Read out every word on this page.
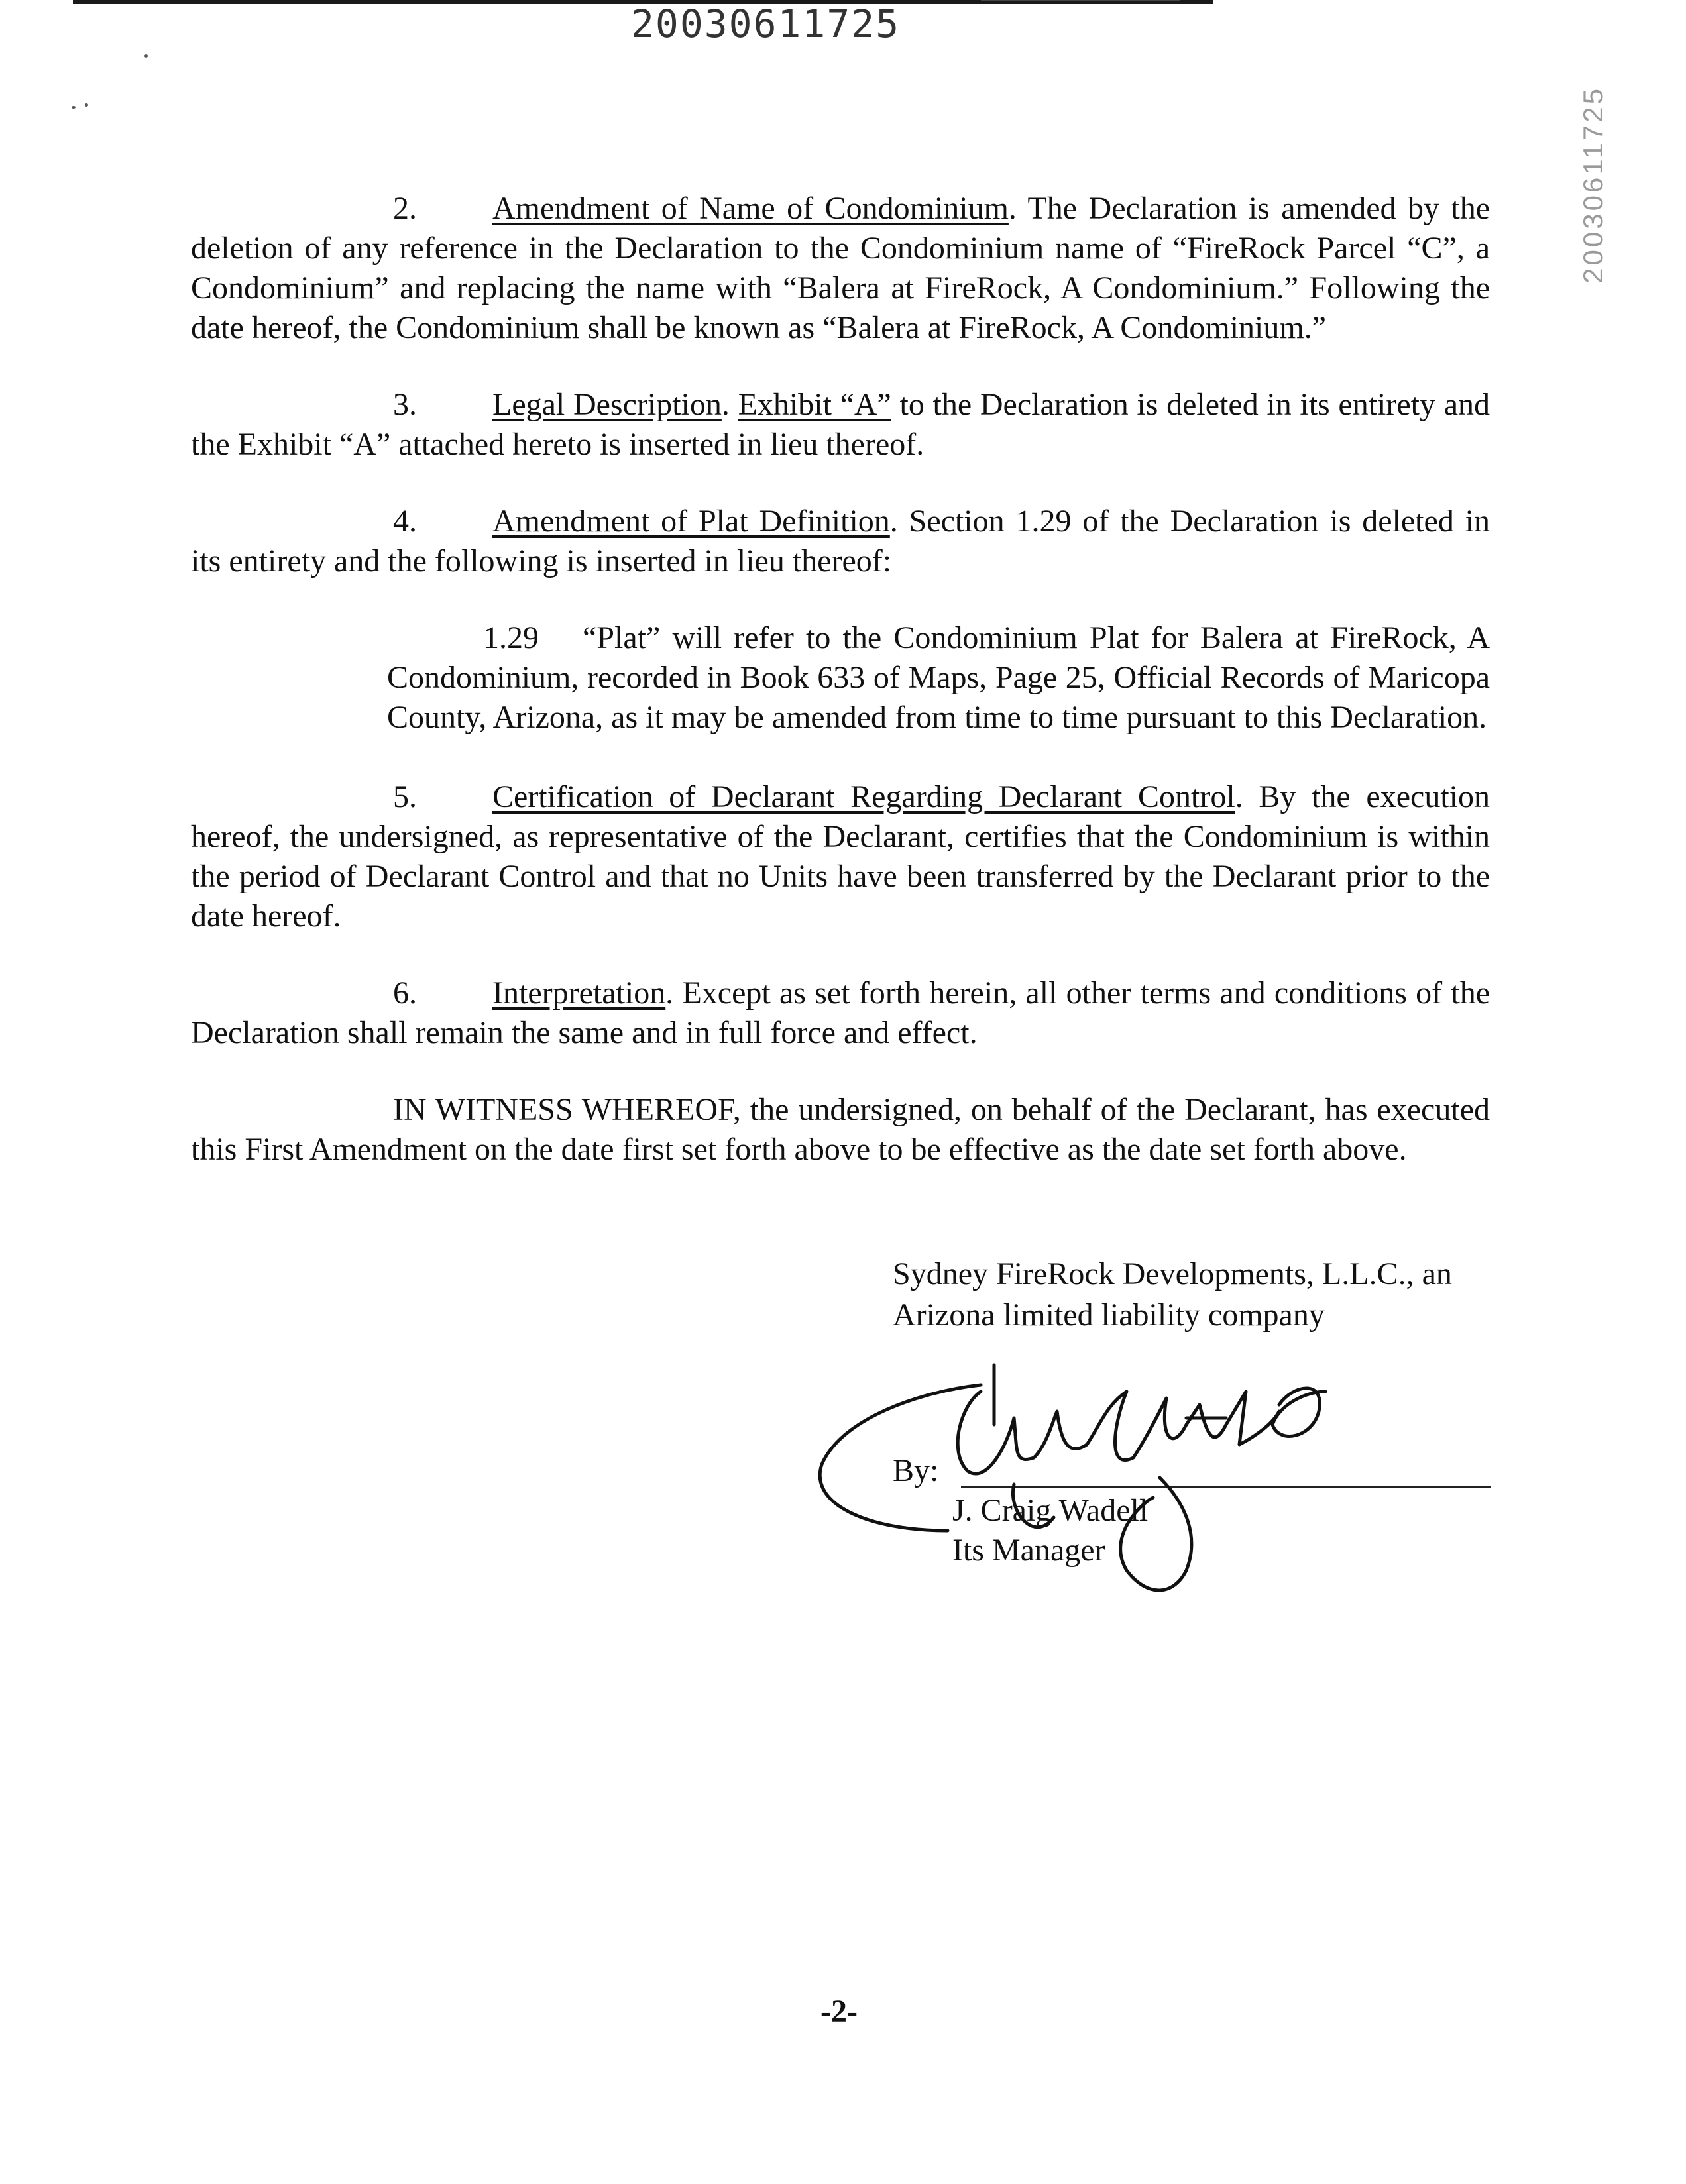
20030611725
20030611725

2. Amendment of Name of Condominium. The Declaration is amended by the deletion of any reference in the Declaration to the Condominium name of “FireRock Parcel “C”, a Condominium” and replacing the name with “Balera at FireRock, A Condominium.” Following the date hereof, the Condominium shall be known as “Balera at FireRock, A Condominium.”

3. Legal Description. Exhibit “A” to the Declaration is deleted in its entirety and the Exhibit “A” attached hereto is inserted in lieu thereof.

4. Amendment of Plat Definition. Section 1.29 of the Declaration is deleted in its entirety and the following is inserted in lieu thereof:

1.29 “Plat” will refer to the Condominium Plat for Balera at FireRock, A Condominium, recorded in Book 633 of Maps, Page 25, Official Records of Maricopa County, Arizona, as it may be amended from time to time pursuant to this Declaration.

5. Certification of Declarant Regarding Declarant Control. By the execution hereof, the undersigned, as representative of the Declarant, certifies that the Condominium is within the period of Declarant Control and that no Units have been transferred by the Declarant prior to the date hereof.

6. Interpretation. Except as set forth herein, all other terms and conditions of the Declaration shall remain the same and in full force and effect.

IN WITNESS WHEREOF, the undersigned, on behalf of the Declarant, has executed this First Amendment on the date first set forth above to be effective as the date set forth above.

Sydney FireRock Developments, L.L.C., an
Arizona limited liability company
By:
J. Craig Wadell
Its Manager
-2-
